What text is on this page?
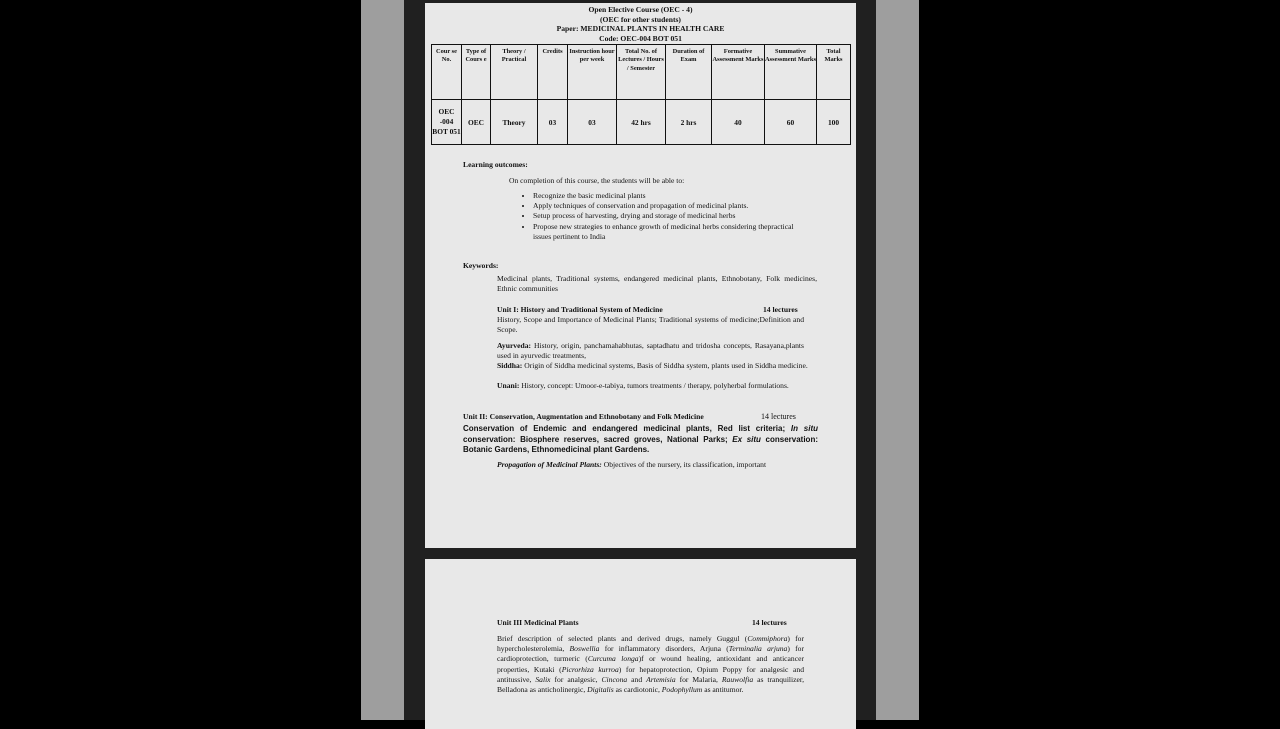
Open Elective Course (OEC - 4)
(OEC for other students)
Paper: MEDICINAL PLANTS IN HEALTH CARE
Code: OEC-004 BOT 051
Cour se No.	Type of Cours e	Theory / Practical	Credits	Instruction hour per week	Total No. of Lectures / Hours / Semester	Duration of Exam	Formative Assessment Marks	Summative Assessment Marks	Total Marks
OEC -004 BOT 051	OEC	Theory	03	03	42 hrs	2 hrs	40	60	100
Learning outcomes:
On completion of this course, the students will be able to:
• Recognize the basic medicinal plants
• Apply techniques of conservation and propagation of medicinal plants.
• Setup process of harvesting, drying and storage of medicinal herbs
• Propose new strategies to enhance growth of medicinal herbs considering thepractical issues pertinent to India
Keywords:
Medicinal plants, Traditional systems, endangered medicinal plants, Ethnobotany, Folk medicines, Ethnic communities
Unit I: History and Traditional System of Medicine	14 lectures
History, Scope and Importance of Medicinal Plants; Traditional systems of medicine;Definition and Scope.
Ayurveda: History, origin, panchamahabhutas, saptadhatu and tridosha concepts, Rasayana,plants used in ayurvedic treatments,
Siddha: Origin of Siddha medicinal systems, Basis of Siddha system, plants used in Siddha medicine.
Unani: History, concept: Umoor-e-tabiya, tumors treatments / therapy, polyherbal formulations.
Unit II: Conservation, Augmentation and Ethnobotany and Folk Medicine	14 lectures
Conservation of Endemic and endangered medicinal plants, Red list criteria; In situ conservation: Biosphere reserves, sacred groves, National Parks; Ex situ conservation: Botanic Gardens, Ethnomedicinal plant Gardens.
Propagation of Medicinal Plants: Objectives of the nursery, its classification, important
Unit III Medicinal Plants	14 lectures
Brief description of selected plants and derived drugs, namely Guggul (Commiphora) for hypercholesterolemia, Boswellia for inflammatory disorders, Arjuna (Terminalia arjuna) for cardioprotection, turmeric (Curcuma longa)f or wound healing, antioxidant and anticancer properties, Kutaki (Picrorhiza kurroa) for hepatoprotection, Opium Poppy for analgesic and antitussive, Salix for analgesic, Cincona and Artemisia for Malaria, Rauwolfia as tranquilizer, Belladona as anticholinergic, Digitalis as cardiotonic, Podophyllum as antitumor.
